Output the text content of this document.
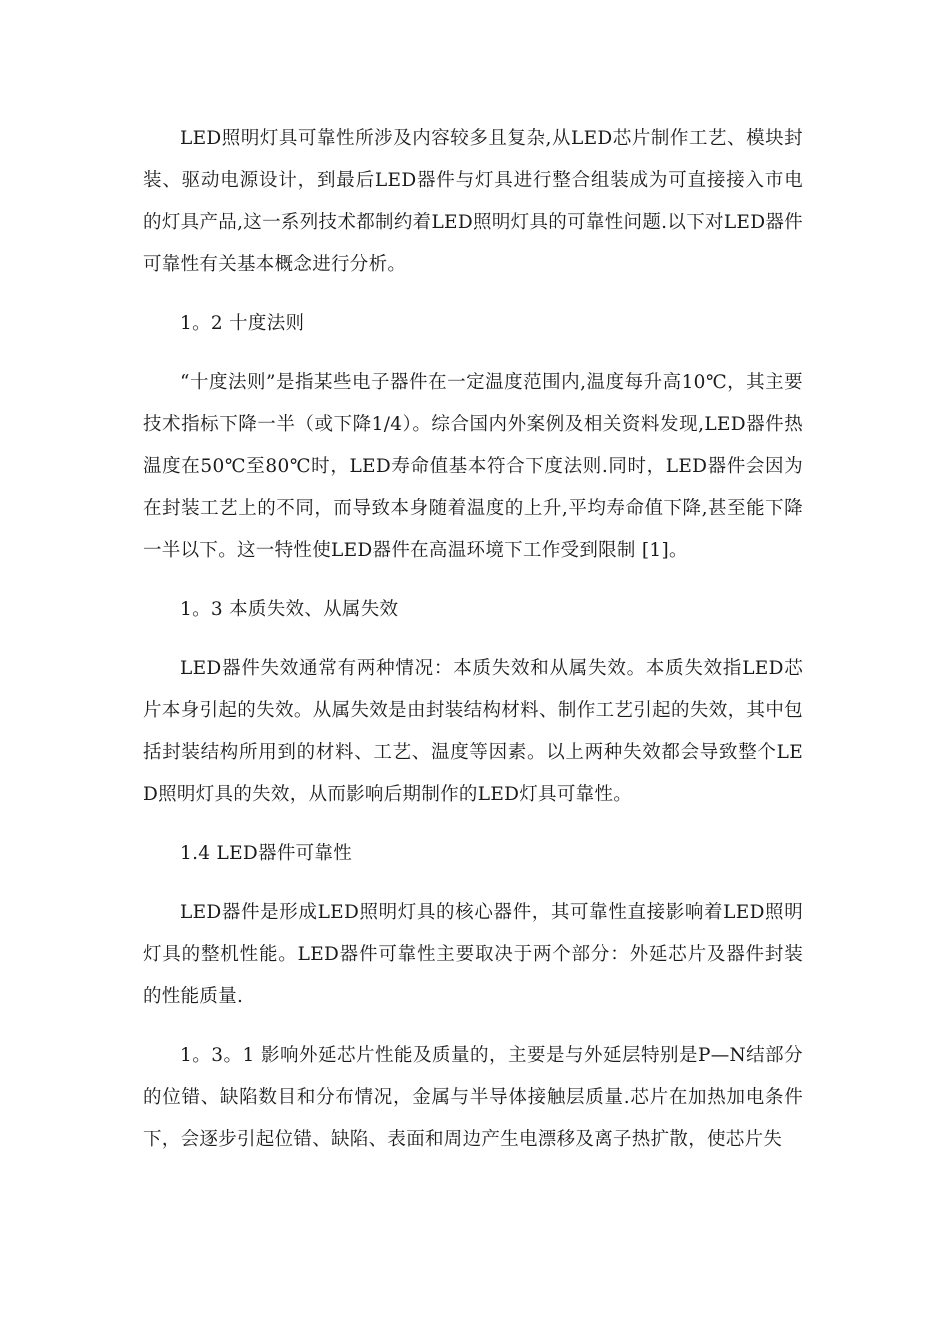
LED照明灯具可靠性所涉及内容较多且复杂,从LED芯片制作工艺、模块封装、驱动电源设计，到最后LED器件与灯具进行整合组装成为可直接接入市电的灯具产品,这一系列技术都制约着LED照明灯具的可靠性问题.以下对LED器件可靠性有关基本概念进行分析。

1。2 十度法则

“十度法则”是指某些电子器件在一定温度范围内,温度每升高10℃，其主要技术指标下降一半（或下降1/4）。综合国内外案例及相关资料发现,LED器件热温度在50℃至80℃时，LED寿命值基本符合下度法则.同时，LED器件会因为在封装工艺上的不同，而导致本身随着温度的上升,平均寿命值下降,甚至能下降一半以下。这一特性使LED器件在高温环境下工作受到限制 [1]。

1。3 本质失效、从属失效

LED器件失效通常有两种情况：本质失效和从属失效。本质失效指LED芯片本身引起的失效。从属失效是由封装结构材料、制作工艺引起的失效，其中包括封装结构所用到的材料、工艺、温度等因素。以上两种失效都会导致整个LED照明灯具的失效，从而影响后期制作的LED灯具可靠性。

1.4 LED器件可靠性

LED器件是形成LED照明灯具的核心器件，其可靠性直接影响着LED照明灯具的整机性能。LED器件可靠性主要取决于两个部分：外延芯片及器件封装的性能质量.

1。3。1 影响外延芯片性能及质量的，主要是与外延层特别是P—N结部分的位错、缺陷数目和分布情况，金属与半导体接触层质量.芯片在加热加电条件下，会逐步引起位错、缺陷、表面和周边产生电漂移及离子热扩散，使芯片失
